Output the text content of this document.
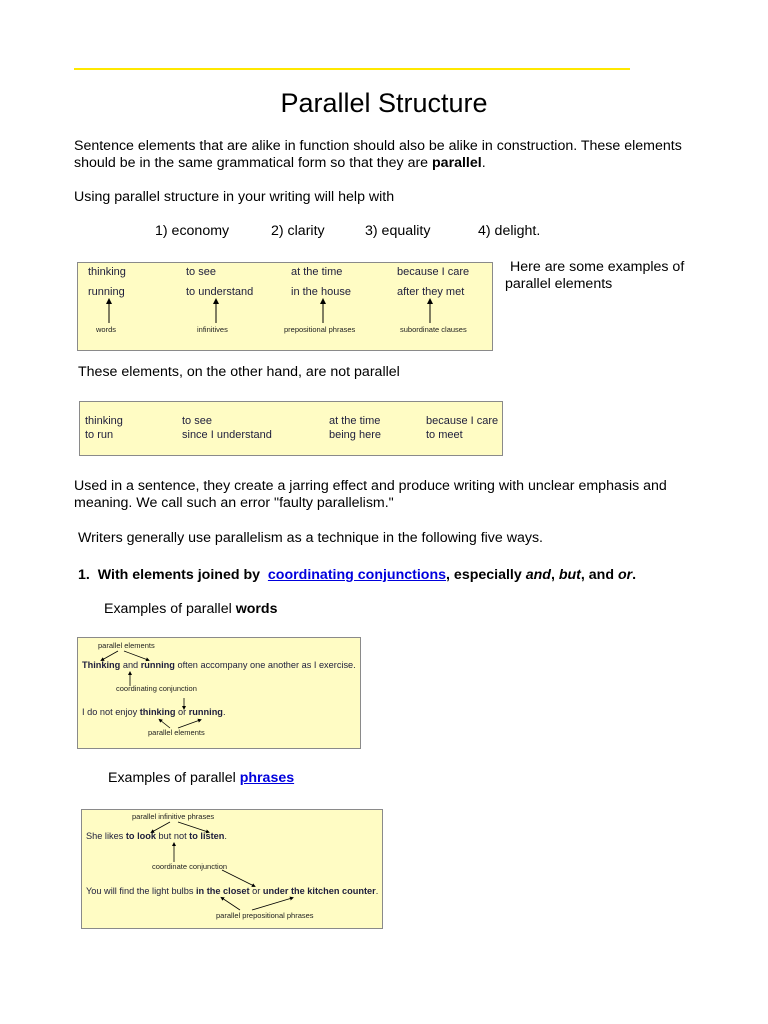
Parallel Structure
Sentence elements that are alike in function should also be alike in construction. These elements should be in the same grammatical form so that they are parallel.
Using parallel structure in your writing will help with
1) economy	2) clarity	3) equality	4) delight.
thinking	to see	at the time	because I care
running	to understand	in the house	after they met
words	infinitives	prepositional phrases	subordinate clauses
Here are some examples of parallel elements
These elements, on the other hand, are not parallel
thinking	to see	at the time	because I care
to run	since I understand	being here	to meet
Used in a sentence, they create a jarring effect and produce writing with unclear emphasis and meaning. We call such an error "faulty parallelism."
Writers generally use parallelism as a technique in the following five ways.
1. With elements joined by  coordinating conjunctions, especially and, but, and or.
Examples of parallel words
parallel elements
Thinking and running often accompany one another as I exercise.
coordinating conjunction
I do not enjoy thinking or running.
parallel elements
Examples of parallel phrases
parallel infinitive phrases
She likes to look but not to listen.
coordinate conjunction
You will find the light bulbs in the closet or under the kitchen counter.
parallel prepositional phrases
